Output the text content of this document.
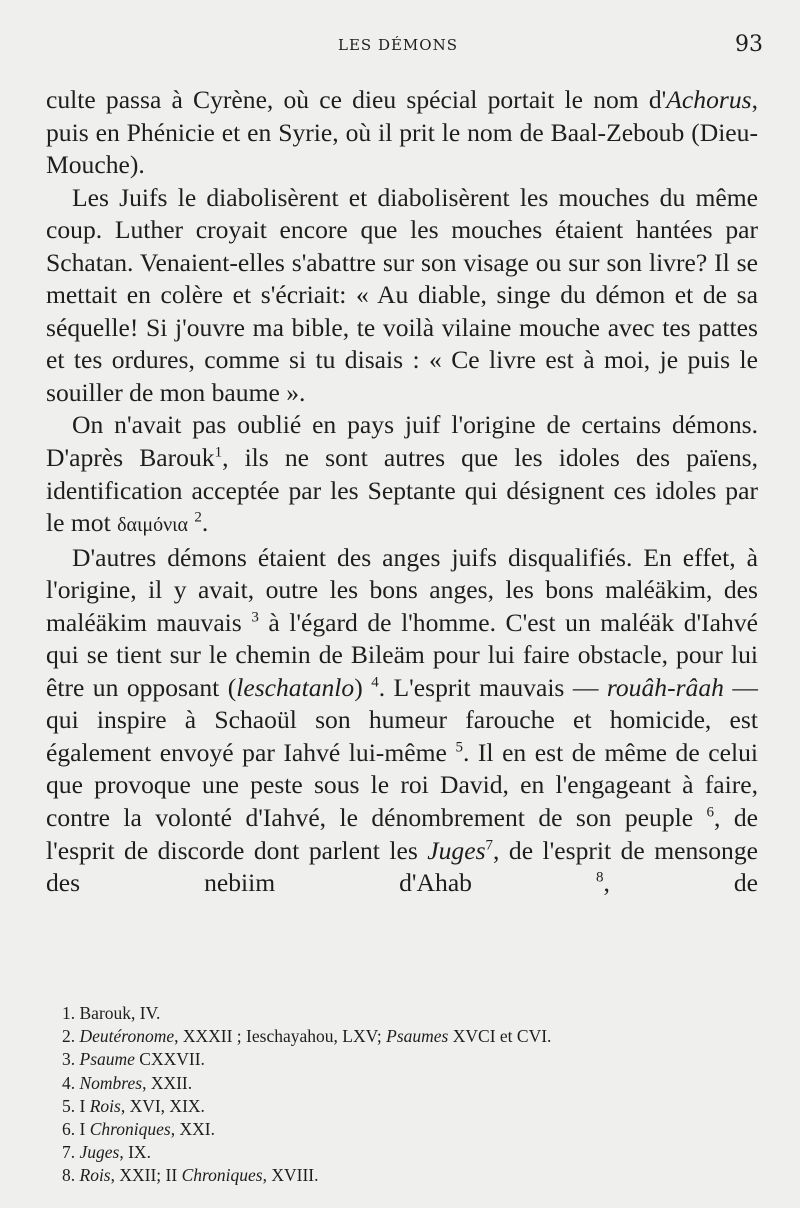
LES DÉMONS	93

culte passa à Cyrène, où ce dieu spécial portait le nom d'Achorus, puis en Phénicie et en Syrie, où il prit le nom de Baal-Zeboub (Dieu-Mouche).

Les Juifs le diabolisèrent et diabolisèrent les mouches du même coup. Luther croyait encore que les mouches étaient hantées par Schatan. Venaient-elles s'abattre sur son visage ou sur son livre? Il se mettait en colère et s'écriait: « Au diable, singe du démon et de sa séquelle! Si j'ouvre ma bible, te voilà vilaine mouche avec tes pattes et tes ordures, comme si tu disais : « Ce livre est à moi, je puis le souiller de mon baume ».

On n'avait pas oublié en pays juif l'origine de certains démons. D'après Barouk$^1$, ils ne sont autres que les idoles des païens, identification acceptée par les Septante qui désignent ces idoles par le mot δαιμόνια $^2$.

D'autres démons étaient des anges juifs disqualifiés. En effet, à l'origine, il y avait, outre les bons anges, les bons maléäkim, des maléäkim mauvais $^3$ à l'égard de l'homme. C'est un maléäk d'Iahvé qui se tient sur le chemin de Bileäm pour lui faire obstacle, pour lui être un opposant (leschatanlo) $^4$. L'esprit mauvais — rouâh-râah — qui inspire à Schaoül son humeur farouche et homicide, est également envoyé par Iahvé lui-même $^5$. Il en est de même de celui que provoque une peste sous le roi David, en l'engageant à faire, contre la volonté d'Iahvé, le dénombrement de son peuple $^6$, de l'esprit de discorde dont parlent les Juges$^7$, de l'esprit de mensonge des nebiim d'Ahab	$^8$, de

1. Barouk, IV.
2. Deutéronome, XXXII ; Ieschayahou, LXV; Psaumes XVCI et CVI.
3. Psaume CXXVII.
4. Nombres, XXII.
5. I Rois, XVI, XIX.
6. I Chroniques, XXI.
7. Juges, IX.
8. Rois, XXII; II Chroniques, XVIII.
